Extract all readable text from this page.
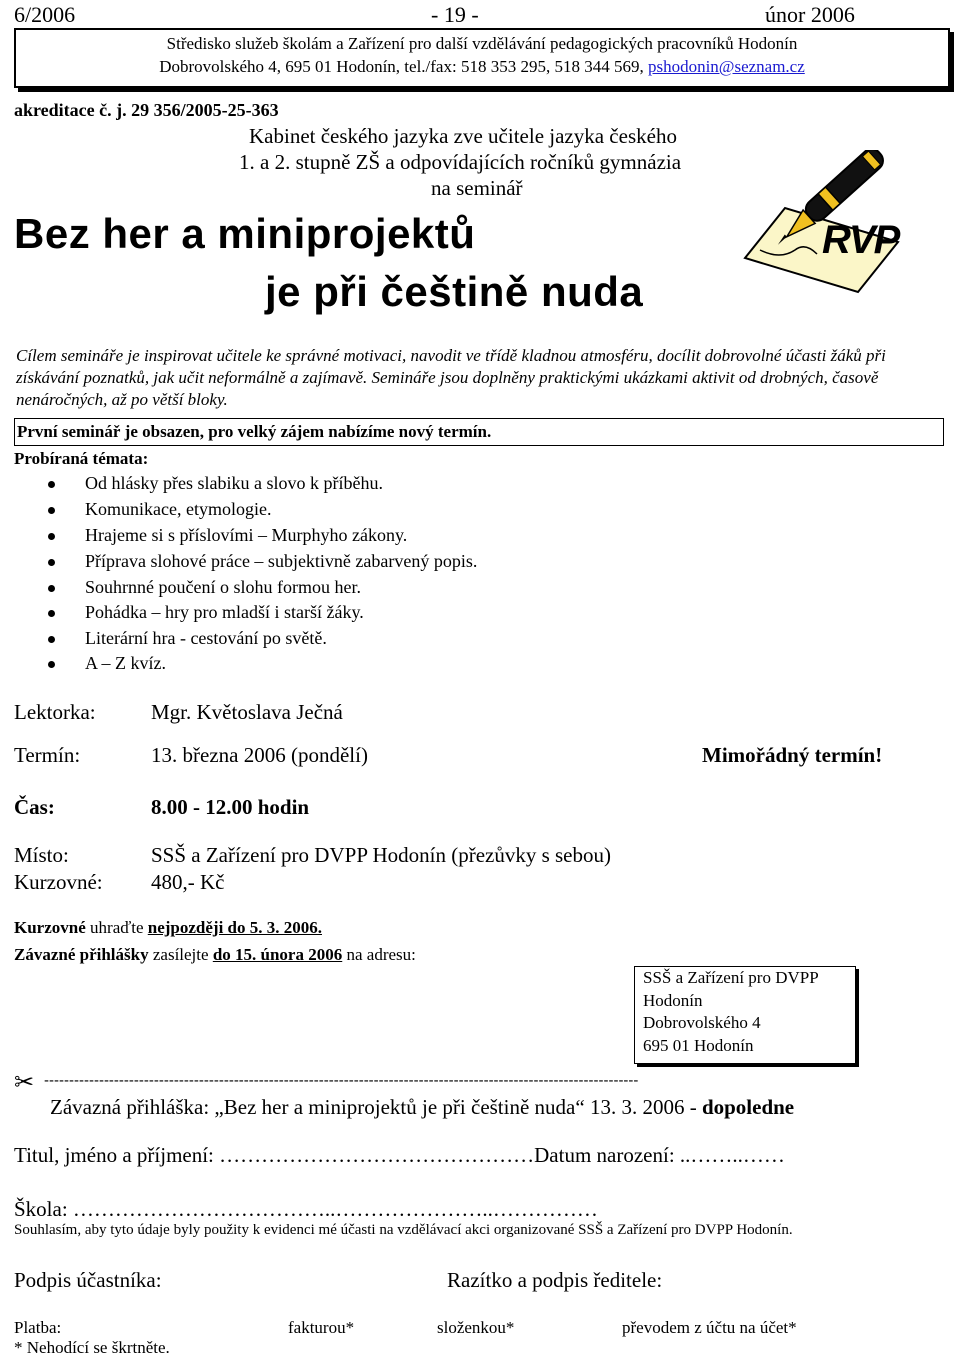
6/2006	- 19 -	únor 2006
Středisko služeb školám a Zařízení pro další vzdělávání pedagogických pracovníků Hodonín
Dobrovolského 4, 695 01 Hodonín, tel./fax: 518 353 295, 518 344 569, pshodonin@seznam.cz
akreditace č. j. 29 356/2005-25-363
Kabinet českého jazyka zve učitele jazyka českého
1. a 2. stupně ZŠ a odpovídajících ročníků gymnázia
na seminář
Bez her a miniprojektů
je při češtině nuda
RVP
Cílem semináře je inspirovat učitele ke správné motivaci, navodit ve třídě kladnou atmosféru, docílit dobrovolné účasti žáků při získávání poznatků, jak učit neformálně a zajímavě. Semináře jsou doplněny praktickými ukázkami aktivit od drobných, časově nenáročných, až po větší bloky.
První seminář je obsazen, pro velký zájem nabízíme nový termín.
Probíraná témata:
Od hlásky přes slabiku a slovo k příběhu.
Komunikace, etymologie.
Hrajeme si s příslovími – Murphyho zákony.
Příprava slohové práce – subjektivně zabarvený popis.
Souhrnné poučení o slohu formou her.
Pohádka – hry pro mladší i starší žáky.
Literární hra - cestování po světě.
A – Z kvíz.
Lektorka:	Mgr. Květoslava Ječná
Termín:	13. března 2006 (pondělí)	Mimořádný termín!
Čas:	8.00 - 12.00 hodin
Místo:	SSŠ a Zařízení pro DVPP Hodonín (přezůvky s sebou)
Kurzovné: 480,- Kč
Kurzovné uhraďte nejpozději do 5. 3. 2006.
Závazné přihlášky zasílejte do 15. února 2006 na adresu:
SSŠ a Zařízení pro DVPP
Hodonín
Dobrovolského 4
695 01 Hodonín
✂ -----------------------------------------------------------------------------------------------------------------------
Závazná přihláška: „Bez her a miniprojektů je při češtině nuda“ 13. 3. 2006 - dopoledne
Titul, jméno a příjmení: ………………………………………Datum narození: ..……..……
Škola: ………………………………..…………………..……………
Souhlasím, aby tyto údaje byly použity k evidenci mé účasti na vzdělávací akci organizované SSŠ a Zařízení pro DVPP Hodonín.
Podpis účastníka:	Razítko a podpis ředitele:
Platba:	fakturou*	složenkou*	převodem z účtu na účet*
* Nehodící se škrtněte.
